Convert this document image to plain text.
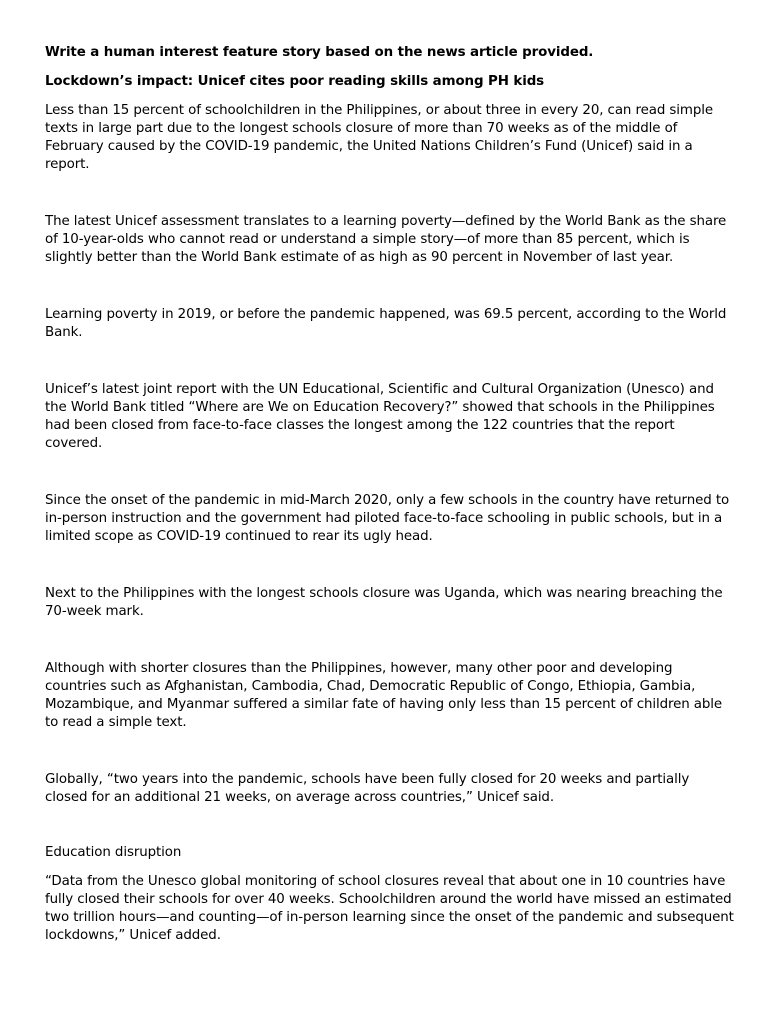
Write a human interest feature story based on the news article provided.

Lockdown’s impact: Unicef cites poor reading skills among PH kids

Less than 15 percent of schoolchildren in the Philippines, or about three in every 20, can read simple texts in large part due to the longest schools closure of more than 70 weeks as of the middle of February caused by the COVID-19 pandemic, the United Nations Children’s Fund (Unicef) said in a report.

The latest Unicef assessment translates to a learning poverty—defined by the World Bank as the share of 10-year-olds who cannot read or understand a simple story—of more than 85 percent, which is slightly better than the World Bank estimate of as high as 90 percent in November of last year.

Learning poverty in 2019, or before the pandemic happened, was 69.5 percent, according to the World Bank.

Unicef’s latest joint report with the UN Educational, Scientific and Cultural Organization (Unesco) and the World Bank titled “Where are We on Education Recovery?” showed that schools in the Philippines had been closed from face-to-face classes the longest among the 122 countries that the report covered.

Since the onset of the pandemic in mid-March 2020, only a few schools in the country have returned to in-person instruction and the government had piloted face-to-face schooling in public schools, but in a limited scope as COVID-19 continued to rear its ugly head.

Next to the Philippines with the longest schools closure was Uganda, which was nearing breaching the 70-week mark.

Although with shorter closures than the Philippines, however, many other poor and developing countries such as Afghanistan, Cambodia, Chad, Democratic Republic of Congo, Ethiopia, Gambia, Mozambique, and Myanmar suffered a similar fate of having only less than 15 percent of children able to read a simple text.

Globally, “two years into the pandemic, schools have been fully closed for 20 weeks and partially closed for an additional 21 weeks, on average across countries,” Unicef said.

Education disruption

“Data from the Unesco global monitoring of school closures reveal that about one in 10 countries have fully closed their schools for over 40 weeks. Schoolchildren around the world have missed an estimated two trillion hours—and counting—of in-person learning since the onset of the pandemic and subsequent lockdowns,” Unicef added.
